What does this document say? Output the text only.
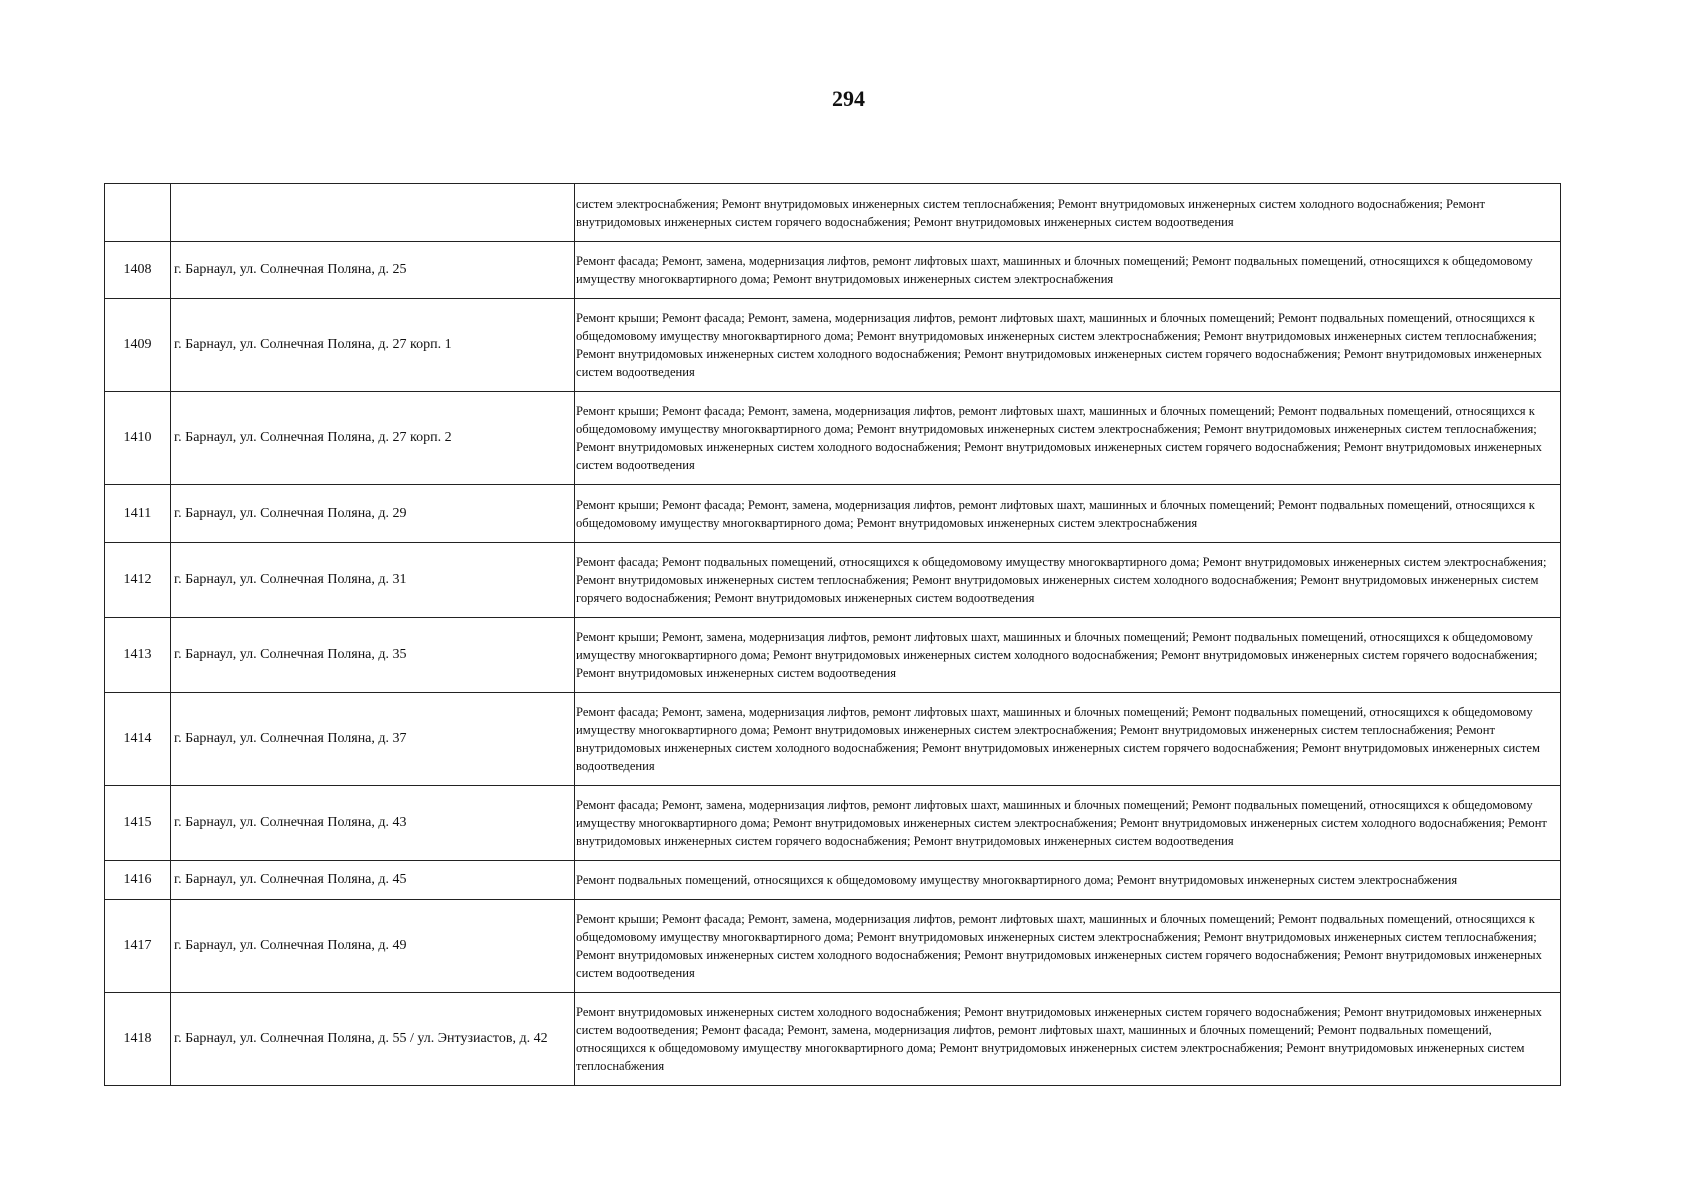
294
		систем электроснабжения; Ремонт внутридомовых инженерных систем теплоснабжения; Ремонт внутридомовых инженерных систем холодного водоснабжения; Ремонт внутридомовых инженерных систем горячего водоснабжения; Ремонт внутридомовых инженерных систем водоотведения
1408	г. Барнаул, ул. Солнечная Поляна, д. 25	Ремонт фасада; Ремонт, замена, модернизация лифтов, ремонт лифтовых шахт, машинных и блочных помещений; Ремонт подвальных помещений, относящихся к общедомовому имуществу многоквартирного дома; Ремонт внутридомовых инженерных систем электроснабжения
1409	г. Барнаул, ул. Солнечная Поляна, д. 27 корп. 1	Ремонт крыши; Ремонт фасада; Ремонт, замена, модернизация лифтов, ремонт лифтовых шахт, машинных и блочных помещений; Ремонт подвальных помещений, относящихся к общедомовому имуществу многоквартирного дома; Ремонт внутридомовых инженерных систем электроснабжения; Ремонт внутридомовых инженерных систем теплоснабжения; Ремонт внутридомовых инженерных систем холодного водоснабжения; Ремонт внутридомовых инженерных систем горячего водоснабжения; Ремонт внутридомовых инженерных систем водоотведения
1410	г. Барнаул, ул. Солнечная Поляна, д. 27 корп. 2	Ремонт крыши; Ремонт фасада; Ремонт, замена, модернизация лифтов, ремонт лифтовых шахт, машинных и блочных помещений; Ремонт подвальных помещений, относящихся к общедомовому имуществу многоквартирного дома; Ремонт внутридомовых инженерных систем электроснабжения; Ремонт внутридомовых инженерных систем теплоснабжения; Ремонт внутридомовых инженерных систем холодного водоснабжения; Ремонт внутридомовых инженерных систем горячего водоснабжения; Ремонт внутридомовых инженерных систем водоотведения
1411	г. Барнаул, ул. Солнечная Поляна, д. 29	Ремонт крыши; Ремонт фасада; Ремонт, замена, модернизация лифтов, ремонт лифтовых шахт, машинных и блочных помещений; Ремонт подвальных помещений, относящихся к общедомовому имуществу многоквартирного дома; Ремонт внутридомовых инженерных систем электроснабжения
1412	г. Барнаул, ул. Солнечная Поляна, д. 31	Ремонт фасада; Ремонт подвальных помещений, относящихся к общедомовому имуществу многоквартирного дома; Ремонт внутридомовых инженерных систем электроснабжения; Ремонт внутридомовых инженерных систем теплоснабжения; Ремонт внутридомовых инженерных систем холодного водоснабжения; Ремонт внутридомовых инженерных систем горячего водоснабжения; Ремонт внутридомовых инженерных систем водоотведения
1413	г. Барнаул, ул. Солнечная Поляна, д. 35	Ремонт крыши; Ремонт, замена, модернизация лифтов, ремонт лифтовых шахт, машинных и блочных помещений; Ремонт подвальных помещений, относящихся к общедомовому имуществу многоквартирного дома; Ремонт внутридомовых инженерных систем холодного водоснабжения; Ремонт внутридомовых инженерных систем горячего водоснабжения; Ремонт внутридомовых инженерных систем водоотведения
1414	г. Барнаул, ул. Солнечная Поляна, д. 37	Ремонт фасада; Ремонт, замена, модернизация лифтов, ремонт лифтовых шахт, машинных и блочных помещений; Ремонт подвальных помещений, относящихся к общедомовому имуществу многоквартирного дома; Ремонт внутридомовых инженерных систем электроснабжения; Ремонт внутридомовых инженерных систем теплоснабжения; Ремонт внутридомовых инженерных систем холодного водоснабжения; Ремонт внутридомовых инженерных систем горячего водоснабжения; Ремонт внутридомовых инженерных систем водоотведения
1415	г. Барнаул, ул. Солнечная Поляна, д. 43	Ремонт фасада; Ремонт, замена, модернизация лифтов, ремонт лифтовых шахт, машинных и блочных помещений; Ремонт подвальных помещений, относящихся к общедомовому имуществу многоквартирного дома; Ремонт внутридомовых инженерных систем электроснабжения; Ремонт внутридомовых инженерных систем холодного водоснабжения; Ремонт внутридомовых инженерных систем горячего водоснабжения; Ремонт внутридомовых инженерных систем водоотведения
1416	г. Барнаул, ул. Солнечная Поляна, д. 45	Ремонт подвальных помещений, относящихся к общедомовому имуществу многоквартирного дома; Ремонт внутридомовых инженерных систем электроснабжения
1417	г. Барнаул, ул. Солнечная Поляна, д. 49	Ремонт крыши; Ремонт фасада; Ремонт, замена, модернизация лифтов, ремонт лифтовых шахт, машинных и блочных помещений; Ремонт подвальных помещений, относящихся к общедомовому имуществу многоквартирного дома; Ремонт внутридомовых инженерных систем электроснабжения; Ремонт внутридомовых инженерных систем теплоснабжения; Ремонт внутридомовых инженерных систем холодного водоснабжения; Ремонт внутридомовых инженерных систем горячего водоснабжения; Ремонт внутридомовых инженерных систем водоотведения
1418	г. Барнаул, ул. Солнечная Поляна, д. 55 / ул. Энтузиастов, д. 42	Ремонт внутридомовых инженерных систем холодного водоснабжения; Ремонт внутридомовых инженерных систем горячего водоснабжения; Ремонт внутридомовых инженерных систем водоотведения; Ремонт фасада; Ремонт, замена, модернизация лифтов, ремонт лифтовых шахт, машинных и блочных помещений; Ремонт подвальных помещений, относящихся к общедомовому имуществу многоквартирного дома; Ремонт внутридомовых инженерных систем электроснабжения; Ремонт внутридомовых инженерных систем теплоснабжения
